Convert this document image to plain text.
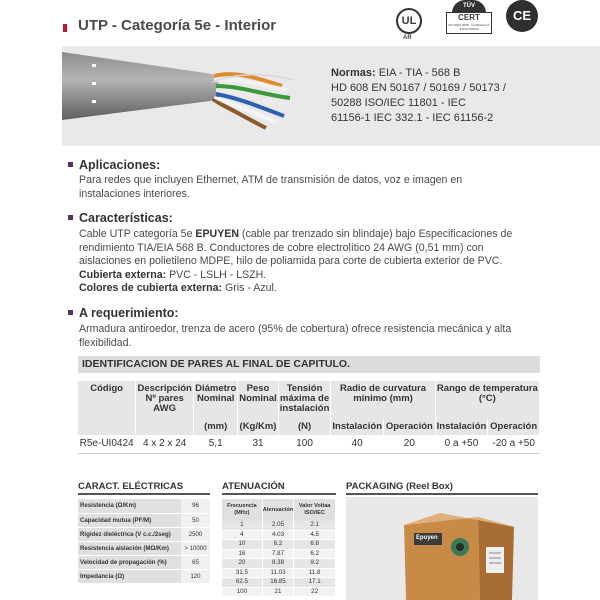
UTP - Categoría 5e - Interior	UL
AR
TÜV
CERT
ISO 9001:2008 · Certificado Nº 44100 060012
CE
Normas: EIA - TIA - 568 B
HD 608 EN 50167 / 50169 / 50173 /
50288 ISO/IEC 11801 - IEC
61156-1 IEC 332.1 - IEC 61156-2
Aplicaciones:
Para redes que incluyen Ethernet, ATM de transmisión de datos, voz e imagen en instalaciones interiores.
Características:
Cable UTP categoría 5e EPUYEN (cable par trenzado sin blindaje) bajo Especificaciones de rendimiento TIA/EIA 568 B. Conductores de cobre electrolítico 24 AWG (0,51 mm) con aislaciones en polietileno MDPE, hilo de poliamida para corte de cubierta exterior de PVC.
Cubierta externa: PVC - LSLH - LSZH.
Colores de cubierta externa: Gris - Azul.
A requerimiento:
Armadura antiroedor, trenza de acero (95% de cobertura) ofrece resistencia mecánica y alta flexibilidad.
IDENTIFICACION DE PARES AL FINAL DE CAPITULO.
Código	Descripción Nº pares AWG	Diámetro Nominal	Peso Nominal	Tensión máxima de instalación	Radio de curvatura mínimo (mm)		Rango de temperatura (°C)	
		(mm)	(Kg/Km)	(N)	Instalación	Operación	Instalación	Operación
R5e-UI0424	4 x 2 x 24	5,1	31	100	40	20	0 a +50	-20 a +50
CARACT. ELÉCTRICAS
Resistencia (Ω/Km)	96
Capacidad mutua (PF/M)	50
Rigidez dieléctrica (V c.c./2seg)	2500
Resistencia aislación (MΩ/Km)	> 10000
Velocidad de propagación (%)	65
Impedancia (Ω)	120
ATENUACIÓN
Frecuencia (MHz)	Atenuación	Valor Voltaa ISO/IEC
1	2.05	2.1
4	4.03	4.5
10	6.2	6.8
16	7.87	6.2
20	8.38	9.2
31.5	11.03	11.8
62.5	16.85	17.1
100	21	22
PACKAGING (Reel Box)
Epuyen
